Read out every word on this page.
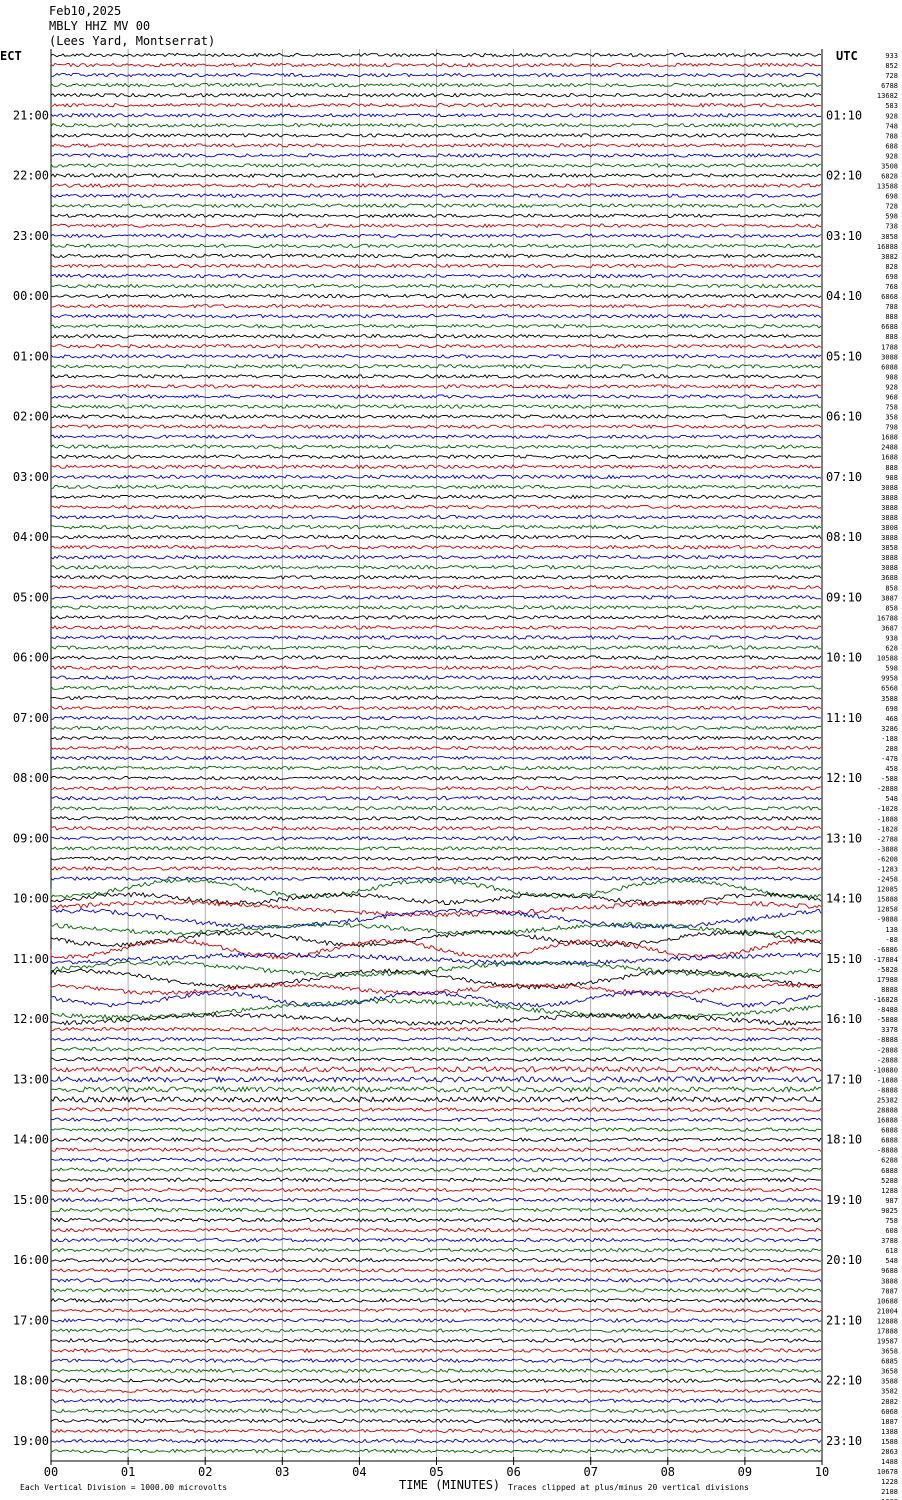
Feb10,2025
MBLY HHZ MV 00
(Lees Yard, Montserrat)
ECT	UTC
21:00
22:00
23:00
00:00
01:00
02:00
03:00
04:00
05:00
06:00
07:00
08:00
09:00
10:00
11:00
12:00
13:00
14:00
15:00
16:00
17:00
18:00
19:00
01:10
02:10
03:10
04:10
05:10
06:10
07:10
08:10
09:10
10:10
11:10
12:10
13:10
14:10
15:10
16:10
17:10
18:10
19:10
20:10
21:10
22:10
23:10
933
852
728
6788
13682
583
928
748
788
688
928
3508
6828
13588
698
728
598
738
3858
16888
3882
828
698
768
6868
788
888
6688
888
1788
3088
6088
988
928
968
758
358
798
1688
2488
1688
888
988
3088
3888
3888
3888
3808
3888
3858
3888
3088
3688
858
3887
858
16788
3687
938
628
10588
598
9958
6568
3588
698
468
3286
-188
288
-478
458
-588
-2888
548
-1028
-1888
-1828
-2788
-3888
-6208
-1283
-2458
12085
15888
12858
-9888
138
-88
-6886
-17884
-5828
17988
8888
-16828
-8488
-5888
3378
-8888
-2888
-2888
-10880
-1888
-8888
25382
28888
16888
6888
6888
-8888
6288
6888
5288
1288
987
9025
758
608
3788
618
548
9688
3888
7887
10688
21004
12888
17888
19587
3658
6885
3658
3588
3582
2882
6068
1887
1388
1588
2863
1488
10678
1228
2188
00	01	02	03	04	05	06	07	08	09	10
TIME (MINUTES)
Each Vertical Division = 1000.00 microvolts	Traces clipped at plus/minus 20 vertical divisions
